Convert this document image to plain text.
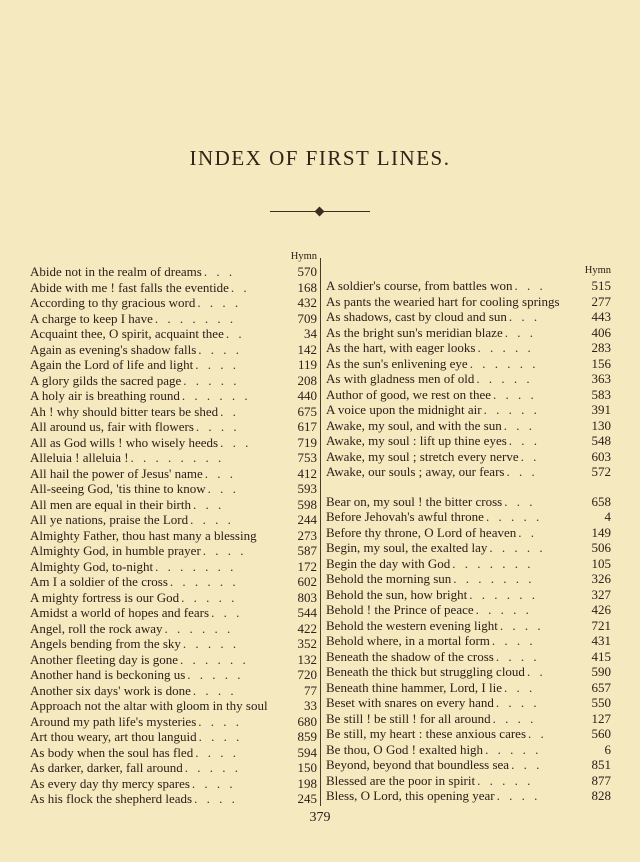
INDEX OF FIRST LINES.
Hymn
Abide not in the realm of dreams . . .	570
Abide with me ! fast falls the eventide . .	168
According to thy gracious word . . . .	432
A charge to keep I have . . . . . . .	709
Acquaint thee, O spirit, acquaint thee . .	34
Again as evening's shadow falls . . . .	142
Again the Lord of life and light . . . .	119
A glory gilds the sacred page . . . . .	208
A holy air is breathing round . . . . . .	440
Ah ! why should bitter tears be shed . .	675
All around us, fair with flowers . . . .	617
All as God wills ! who wisely heeds . . .	719
Alleluia ! alleluia ! . . . . . . . .	753
All hail the power of Jesus' name . . .	412
All-seeing God, 'tis thine to know . . .	593
All men are equal in their birth . . .	598
All ye nations, praise the Lord . . . .	244
Almighty Father, thou hast many a blessing	273
Almighty God, in humble prayer . . . .	587
Almighty God, to-night . . . . . . .	172
Am I a soldier of the cross . . . . . .	602
A mighty fortress is our God . . . . .	803
Amidst a world of hopes and fears . . .	544
Angel, roll the rock away . . . . . .	422
Angels bending from the sky . . . . .	352
Another fleeting day is gone . . . . . .	132
Another hand is beckoning us . . . . .	720
Another six days' work is done . . . .	77
Approach not the altar with gloom in thy soul	33
Around my path life's mysteries . . . .	680
Art thou weary, art thou languid . . . .	859
As body when the soul has fled . . . .	594
As darker, darker, fall around . . . . .	150
As every day thy mercy spares . . . .	198
As his flock the shepherd leads . . . .	245
Hymn
A soldier's course, from battles won . . .	515
As pants the wearied hart for cooling springs 277
As shadows, cast by cloud and sun . . .	443
As the bright sun's meridian blaze . . .	406
As the hart, with eager looks . . . . .	283
As the sun's enlivening eye . . . . . .	156
As with gladness men of old . . . . .	363
Author of good, we rest on thee . . . .	583
A voice upon the midnight air . . . . .	391
Awake, my soul, and with the sun . . .	130
Awake, my soul : lift up thine eyes . . .	548
Awake, my soul ; stretch every nerve . .	603
Awake, our souls ; away, our fears . . .	572
Bear on, my soul ! the bitter cross . . .	658
Before Jehovah's awful throne . . . . .	4
Before thy throne, O Lord of heaven . .	149
Begin, my soul, the exalted lay . . . . .	506
Begin the day with God . . . . . . .	105
Behold the morning sun . . . . . . .	326
Behold the sun, how bright . . . . . .	327
Behold ! the Prince of peace . . . . .	426
Behold the western evening light . . . .	721
Behold where, in a mortal form . . . .	431
Beneath the shadow of the cross . . . .	415
Beneath the thick but struggling cloud . .	590
Beneath thine hammer, Lord, I lie . . .	657
Beset with snares on every hand . . . .	550
Be still ! be still ! for all around . . . .	127
Be still, my heart : these anxious cares . .	560
Be thou, O God ! exalted high . . . . .	6
Beyond, beyond that boundless sea . . .	851
Blessed are the poor in spirit . . . . .	877
Bless, O Lord, this opening year . . . .	828
379
